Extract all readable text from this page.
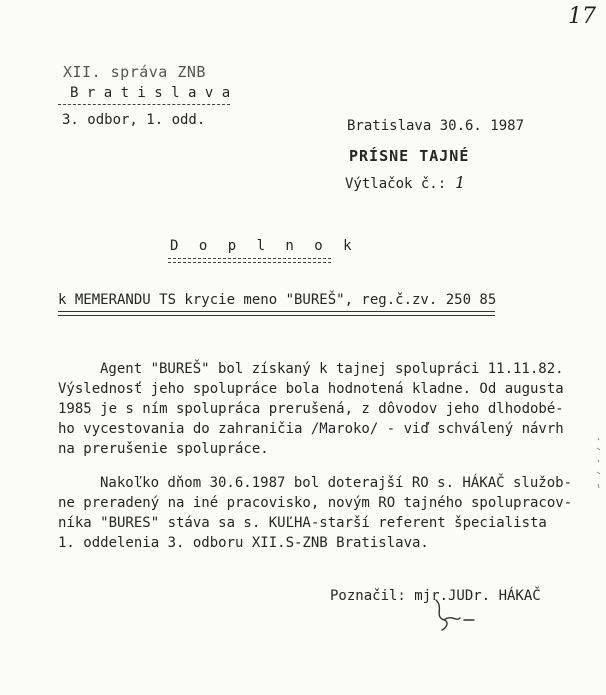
17
XII. správa ZNB
B r a t i s l a v a
3. odbor, 1. odd.	Bratislava 30.6. 1987
PRÍSNE TAJNÉ
Výtlačok č.: 1
D o p l n o k
k MEMERANDU TS krycie meno "BUREŠ", reg.č.zv. 250 85
Agent "BUREŠ" bol získaný k tajnej spolupráci 11.11.82.
Výslednosť jeho spolupráce bola hodnotená kladne. Od augusta
1985 je s ním spolupráca prerušená, z dôvodov jeho dlhodobé-
ho vycestovania do zahraničia /Maroko/ - viď schválený návrh
na prerušenie spolupráce.
Nakoľko dňom 30.6.1987 bol doterajší RO s. HÁKAČ služob-
ne preradený na iné pracovisko, novým RO tajného spolupracov-
níka "BURES" stáva sa s. KUĽHA-starší referent špecialista
1. oddelenia 3. odboru XII.S-ZNB Bratislava.
Poznačil: mjr.JUDr. HÁKAČ
